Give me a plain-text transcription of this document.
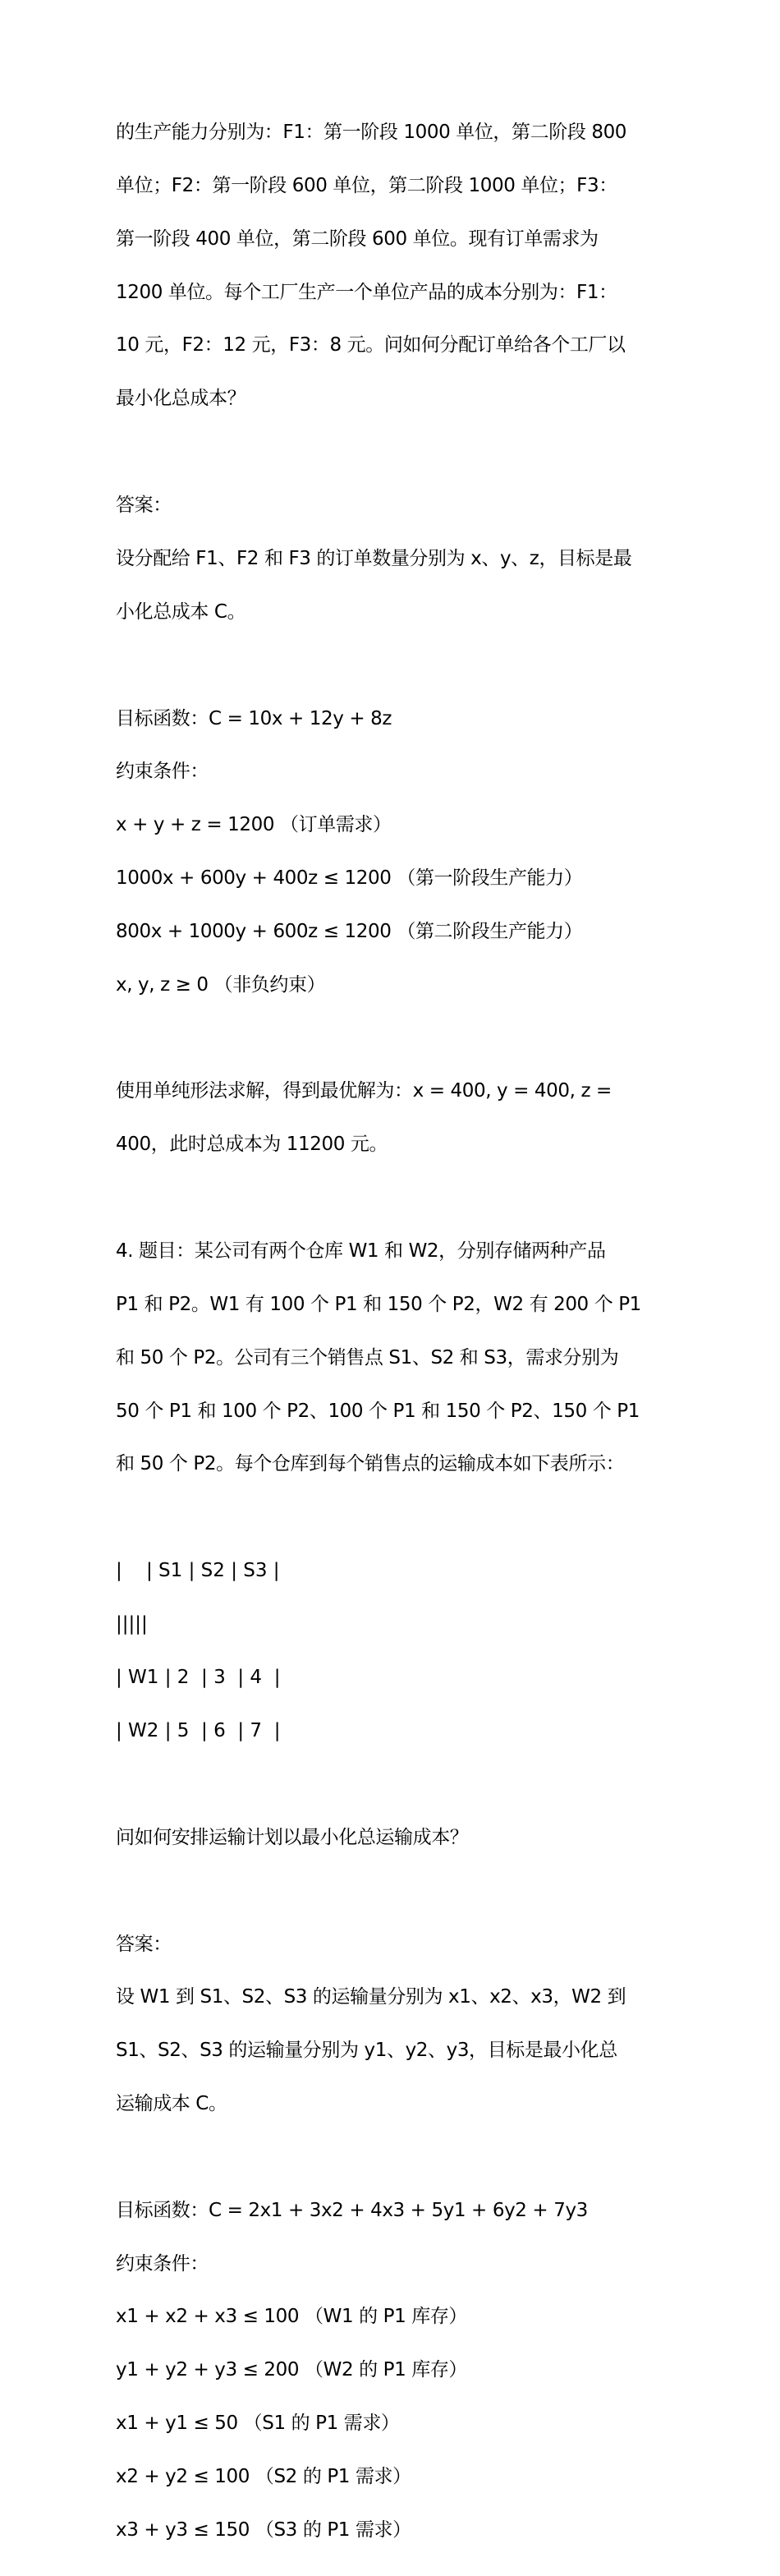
的生产能力分别为：F1：第一阶段 1000 单位，第二阶段 800

单位；F2：第一阶段 600 单位，第二阶段 1000 单位；F3：

第一阶段 400 单位，第二阶段 600 单位。现有订单需求为

1200 单位。每个工厂生产一个单位产品的成本分别为：F1：

10 元，F2：12 元，F3：8 元。问如何分配订单给各个工厂以

最小化总成本？

答案：

设分配给 F1、F2 和 F3 的订单数量分别为 x、y、z，目标是最

小化总成本 C。

目标函数：C = 10x + 12y + 8z

约束条件：

x + y + z = 1200 （订单需求）

1000x + 600y + 400z ≤ 1200 （第一阶段生产能力）

800x + 1000y + 600z ≤ 1200 （第二阶段生产能力）

x, y, z ≥ 0 （非负约束）

使用单纯形法求解，得到最优解为：x = 400, y = 400, z =

400，此时总成本为 11200 元。

4. 题目：某公司有两个仓库 W1 和 W2，分别存储两种产品

P1 和 P2。W1 有 100 个 P1 和 150 个 P2，W2 有 200 个 P1

和 50 个 P2。公司有三个销售点 S1、S2 和 S3，需求分别为

50 个 P1 和 100 个 P2、100 个 P1 和 150 个 P2、150 个 P1

和 50 个 P2。每个仓库到每个销售点的运输成本如下表所示：

|    | S1 | S2 | S3 |

|||||

| W1 | 2  | 3  | 4  |

| W2 | 5  | 6  | 7  |

问如何安排运输计划以最小化总运输成本？

答案：

设 W1 到 S1、S2、S3 的运输量分别为 x1、x2、x3，W2 到

S1、S2、S3 的运输量分别为 y1、y2、y3，目标是最小化总

运输成本 C。

目标函数：C = 2x1 + 3x2 + 4x3 + 5y1 + 6y2 + 7y3

约束条件：

x1 + x2 + x3 ≤ 100 （W1 的 P1 库存）

y1 + y2 + y3 ≤ 200 （W2 的 P1 库存）

x1 + y1 ≤ 50 （S1 的 P1 需求）

x2 + y2 ≤ 100 （S2 的 P1 需求）

x3 + y3 ≤ 150 （S3 的 P1 需求）
